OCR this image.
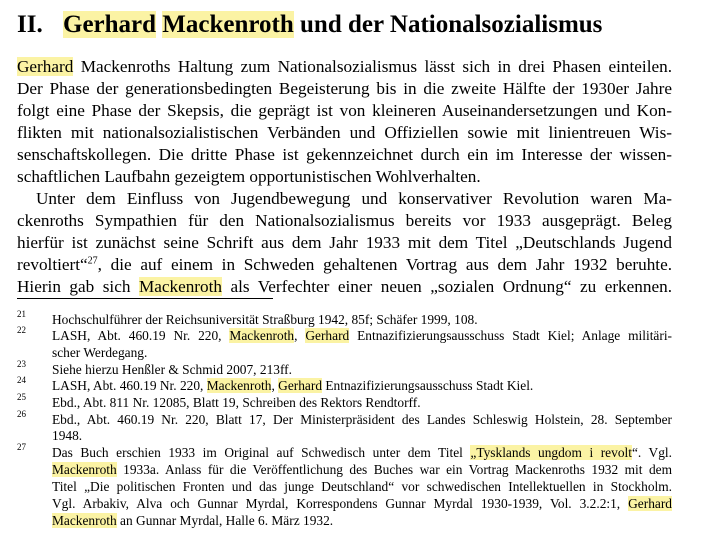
II. Gerhard Mackenroth und der Nationalsozialismus
Gerhard Mackenroths Haltung zum Nationalsozialismus lässt sich in drei Phasen einteilen.
Der Phase der generationsbedingten Begeisterung bis in die zweite Hälfte der 1930er Jahre
folgt eine Phase der Skepsis, die geprägt ist von kleineren Auseinandersetzungen und Kon-
flikten mit nationalsozialistischen Verbänden und Offiziellen sowie mit linientreuen Wis-
senschaftskollegen. Die dritte Phase ist gekennzeichnet durch ein im Interesse der wissen-
schaftlichen Laufbahn gezeigtem opportunistischen Wohlverhalten.
Unter dem Einfluss von Jugendbewegung und konservativer Revolution waren Ma-
ckenroths Sympathien für den Nationalsozialismus bereits vor 1933 ausgeprägt. Beleg
hierfür ist zunächst seine Schrift aus dem Jahr 1933 mit dem Titel „Deutschlands Jugend
revoltiert“$^{27}$, die auf einem in Schweden gehaltenen Vortrag aus dem Jahr 1932 beruhte.
Hierin gab sich Mackenroth als Verfechter einer neuen „sozialen Ordnung“ zu erkennen.
21 Hochschulführer der Reichsuniversität Straßburg 1942, 85f; Schäfer 1999, 108.
22 LASH, Abt. 460.19 Nr. 220, Mackenroth, Gerhard Entnazifizierungsausschuss Stadt Kiel; Anlage militäri-
scher Werdegang.
23 Siehe hierzu Henßler & Schmid 2007, 213ff.
24 LASH, Abt. 460.19 Nr. 220, Mackenroth, Gerhard Entnazifizierungsausschuss Stadt Kiel.
25 Ebd., Abt. 811 Nr. 12085, Blatt 19, Schreiben des Rektors Rendtorff.
26 Ebd., Abt. 460.19 Nr. 220, Blatt 17, Der Ministerpräsident des Landes Schleswig Holstein, 28. September
1948.
27 Das Buch erschien 1933 im Original auf Schwedisch unter dem Titel „Tysklands ungdom i revolt“. Vgl.
Mackenroth 1933a. Anlass für die Veröffentlichung des Buches war ein Vortrag Mackenroths 1932 mit dem
Titel „Die politischen Fronten und das junge Deutschland“ vor schwedischen Intellektuellen in Stockholm.
Vgl. Arbakiv, Alva och Gunnar Myrdal, Korrespondens Gunnar Myrdal 1930-1939, Vol. 3.2.2:1, Gerhard
Mackenroth an Gunnar Myrdal, Halle 6. März 1932.
